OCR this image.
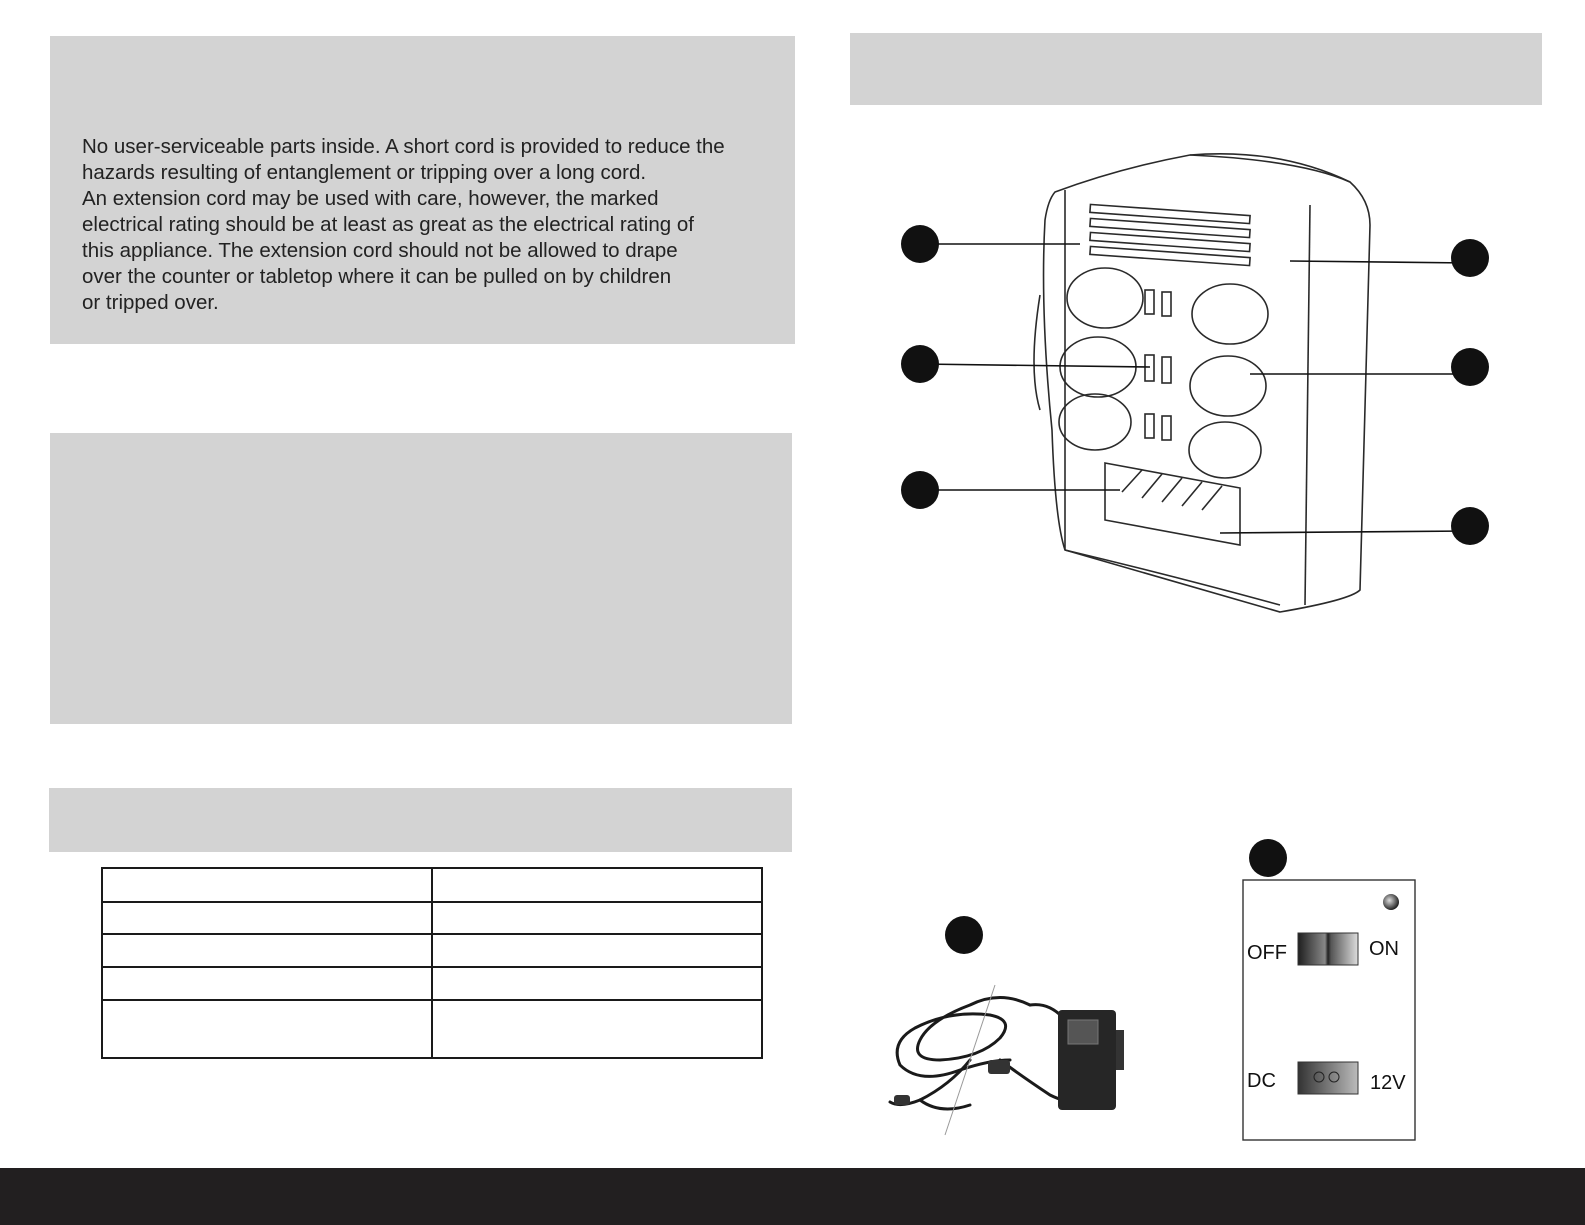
No user-serviceable parts inside. A short cord is provided to reduce the

hazards resulting of entanglement or tripping over a long cord.

An extension cord may be used with care, however, the marked

electrical rating should be at least as great as the electrical rating of

this appliance. The extension cord should not be allowed to drape

over the counter or tabletop where it can be pulled on by children

or tripped over.

OFF	ON
DC	12V
